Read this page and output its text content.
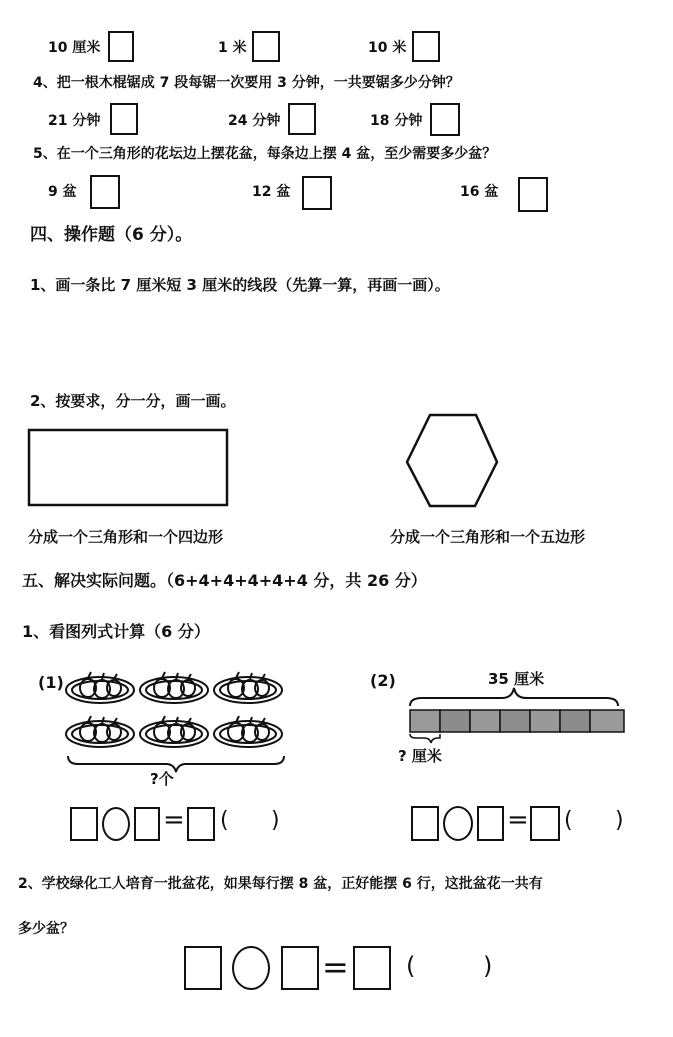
10 厘米	1 米	10 米
4、把一根木棍锯成 7 段每锯一次要用 3 分钟，一共要锯多少分钟？
21 分钟	24 分钟	18 分钟
5、在一个三角形的花坛边上摆花盆，每条边上摆 4 盆，至少需要多少盆？
9 盆	12 盆	16 盆
四、操作题（6 分）。
1、画一条比 7 厘米短 3 厘米的线段（先算一算，再画一画）。
2、按要求，分一分，画一画。
分成一个三角形和一个四边形	分成一个三角形和一个五边形
五、解决实际问题。（6+4+4+4+4+4 分，共 26 分）
1、看图列式计算（6 分）
(1)
?个
(2)	35 厘米
? 厘米
= ( )	= ( )
2、学校绿化工人培育一批盆花，如果每行摆 8 盆，正好能摆 6 行，这批盆花一共有
多少盆？
= (	)
